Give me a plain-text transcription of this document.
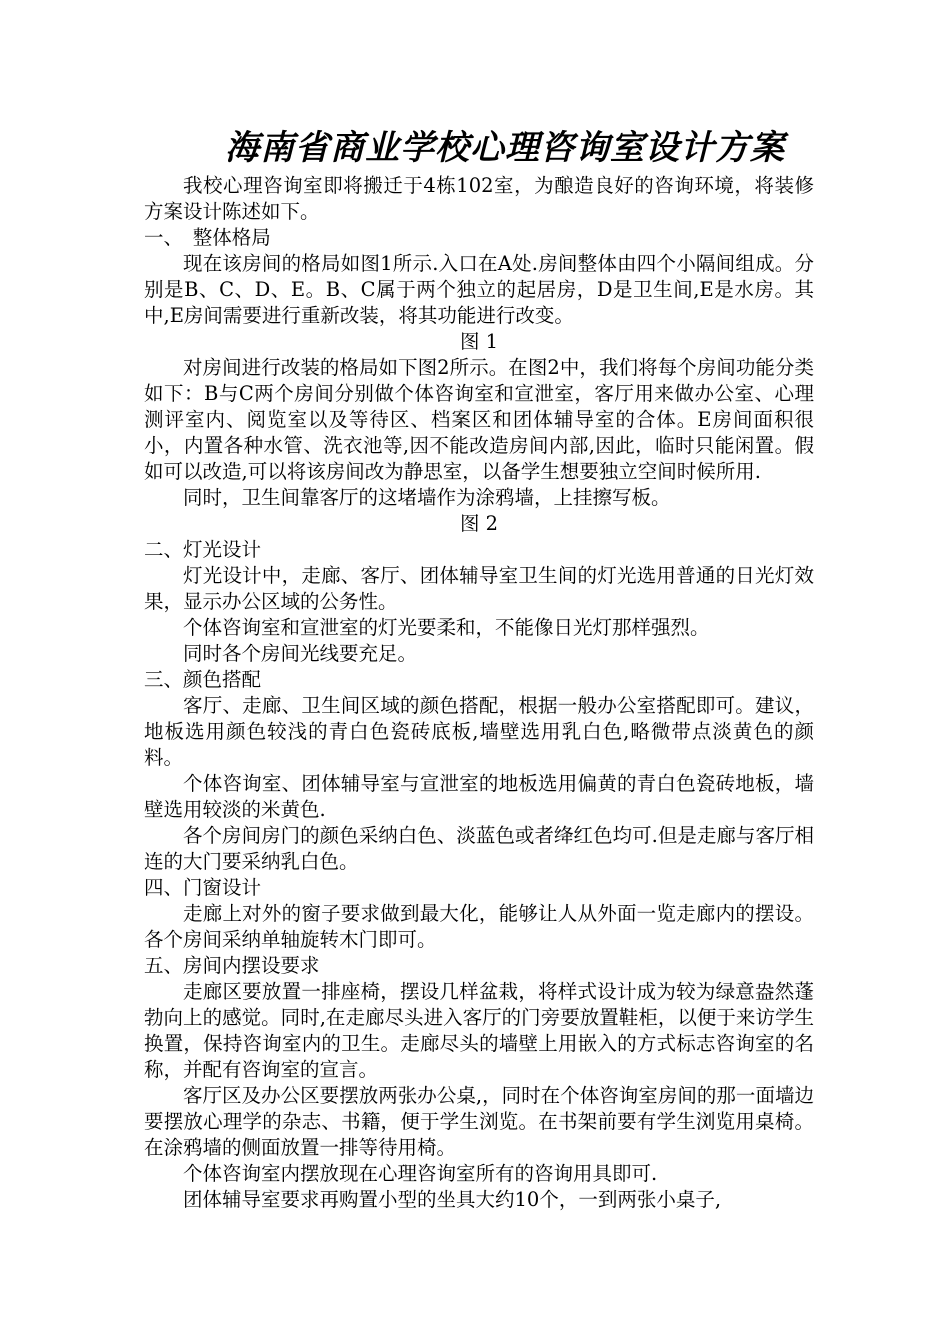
海南省商业学校心理咨询室设计方案

我校心理咨询室即将搬迁于4栋102室，为酿造良好的咨询环境，将装修方案设计陈述如下。

一、　整体格局

现在该房间的格局如图1所示.入口在A处.房间整体由四个小隔间组成。分别是B、C、D、E。B、C属于两个独立的起居房，D是卫生间,E是水房。其中,E房间需要进行重新改装，将其功能进行改变。

图 1

对房间进行改装的格局如下图2所示。在图2中，我们将每个房间功能分类如下：B与C两个房间分别做个体咨询室和宣泄室，客厅用来做办公室、心理测评室内、阅览室以及等待区、档案区和团体辅导室的合体。E房间面积很小，内置各种水管、洗衣池等,因不能改造房间内部,因此，临时只能闲置。假如可以改造,可以将该房间改为静思室，以备学生想要独立空间时候所用.

同时，卫生间靠客厅的这堵墙作为涂鸦墙，上挂擦写板。

图 2

二、灯光设计

灯光设计中，走廊、客厅、团体辅导室卫生间的灯光选用普通的日光灯效果，显示办公区域的公务性。

个体咨询室和宣泄室的灯光要柔和，不能像日光灯那样强烈。

同时各个房间光线要充足。

三、颜色搭配

客厅、走廊、卫生间区域的颜色搭配，根据一般办公室搭配即可。建议，地板选用颜色较浅的青白色瓷砖底板,墙壁选用乳白色,略微带点淡黄色的颜料。

个体咨询室、团体辅导室与宣泄室的地板选用偏黄的青白色瓷砖地板，墙壁选用较淡的米黄色.

各个房间房门的颜色采纳白色、淡蓝色或者绛红色均可.但是走廊与客厅相连的大门要采纳乳白色。

四、门窗设计

走廊上对外的窗子要求做到最大化，能够让人从外面一览走廊内的摆设。各个房间采纳单轴旋转木门即可。

五、房间内摆设要求

走廊区要放置一排座椅，摆设几样盆栽，将样式设计成为较为绿意盎然蓬勃向上的感觉。同时,在走廊尽头进入客厅的门旁要放置鞋柜，以便于来访学生换置，保持咨询室内的卫生。走廊尽头的墙壁上用嵌入的方式标志咨询室的名称，并配有咨询室的宣言。

客厅区及办公区要摆放两张办公桌,，同时在个体咨询室房间的那一面墙边要摆放心理学的杂志、书籍，便于学生浏览。在书架前要有学生浏览用桌椅。在涂鸦墙的侧面放置一排等待用椅。

个体咨询室内摆放现在心理咨询室所有的咨询用具即可.

团体辅导室要求再购置小型的坐具大约10个，一到两张小桌子,
